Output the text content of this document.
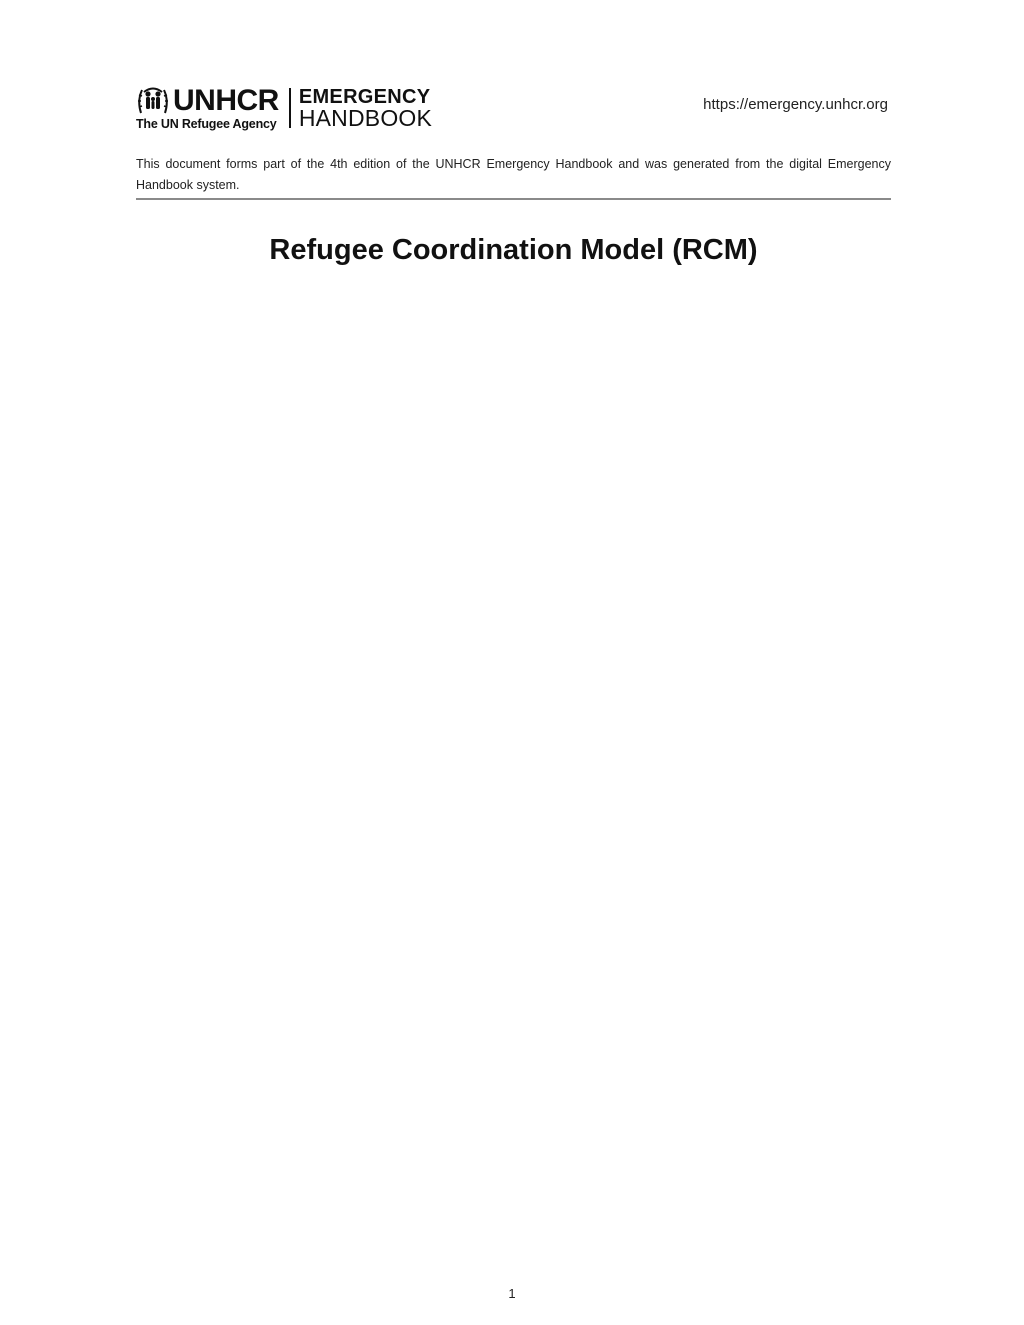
UNHCR
The UN Refugee Agency
EMERGENCY
HANDBOOK
https://emergency.unhcr.org

This document forms part of the 4th edition of the UNHCR Emergency Handbook and was generated from the digital Emergency Handbook system.

Refugee Coordination Model (RCM)
1
